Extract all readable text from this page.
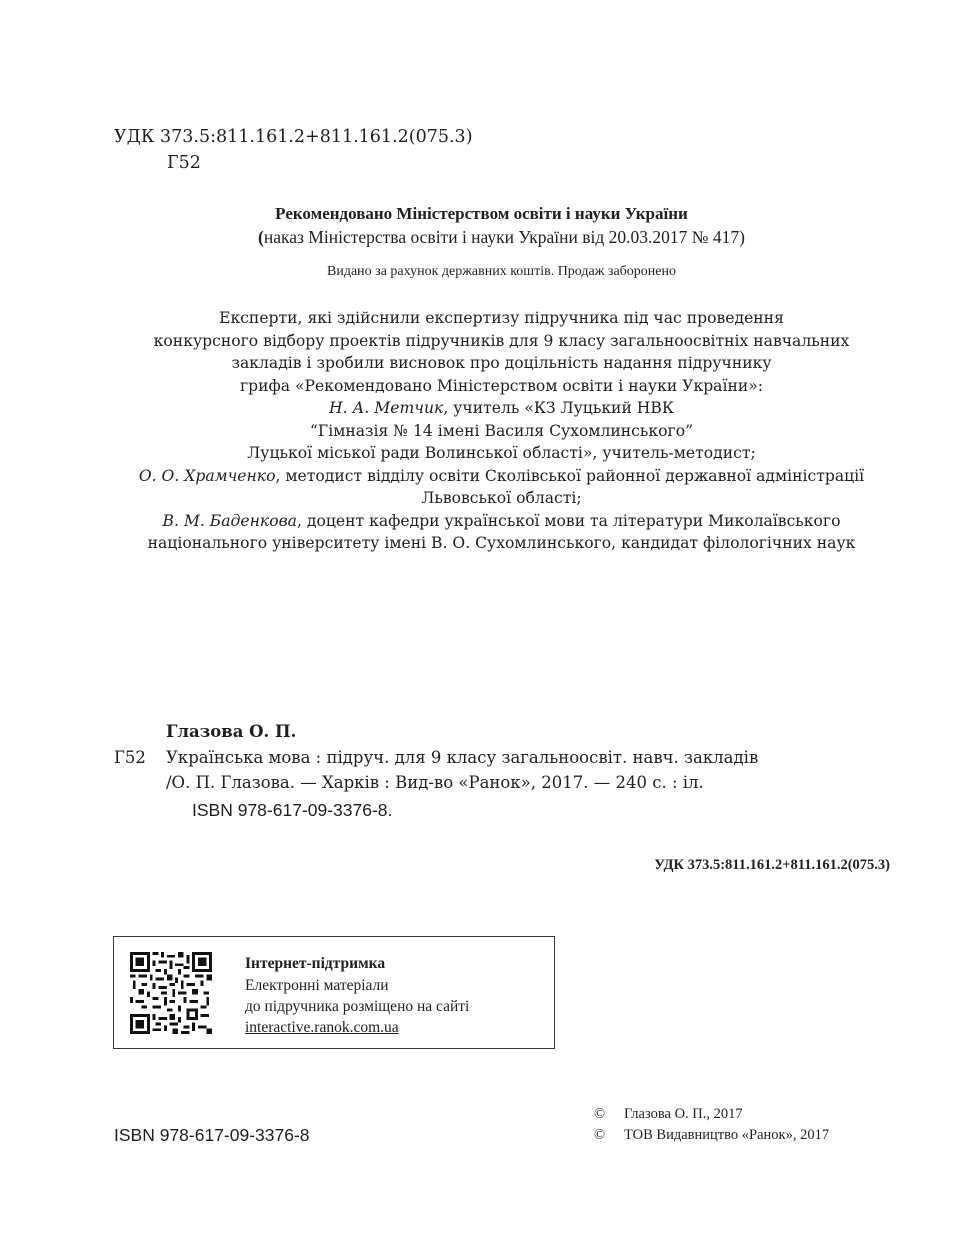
УДК 373.5:811.161.2+811.161.2(075.3)
Г52
Рекомендовано Міністерством освіти і науки України
(наказ Міністерства освіти і науки України від 20.03.2017 № 417)
Видано за рахунок державних коштів. Продаж заборонено
Експерти, які здійснили експертизу підручника під час проведення
конкурсного відбору проектів підручників для 9 класу загальноосвітніх навчальних
закладів і зробили висновок про доцільність надання підручнику
грифа «Рекомендовано Міністерством освіти і науки України»:
Н. А. Метчик, учитель «КЗ Луцький НВК
“Гімназія № 14 імені Василя Сухомлинського”
Луцької міської ради Волинської області», учитель-методист;
О. О. Храмченко, методист відділу освіти Сколівської районної державної адміністрації
Львовської області;
В. М. Баденкова, доцент кафедри української мови та літератури Миколаївського
національного університету імені В. О. Сухомлинського, кандидат філологічних наук
Глазова О. П.
Г52 Українська мова : підруч. для 9 класу загальноосвіт. навч. закладів
/О. П. Глазова. — Харків : Вид-во «Ранок», 2017. — 240 с. : іл.
ISBN 978-617-09-3376-8.
УДК 373.5:811.161.2+811.161.2(075.3)
Інтернет-підтримка
Електронні матеріали
до підручника розміщено на сайті
interactive.ranok.com.ua
ISBN 978-617-09-3376-8
© Глазова О. П., 2017
© ТОВ Видавництво «Ранок», 2017
